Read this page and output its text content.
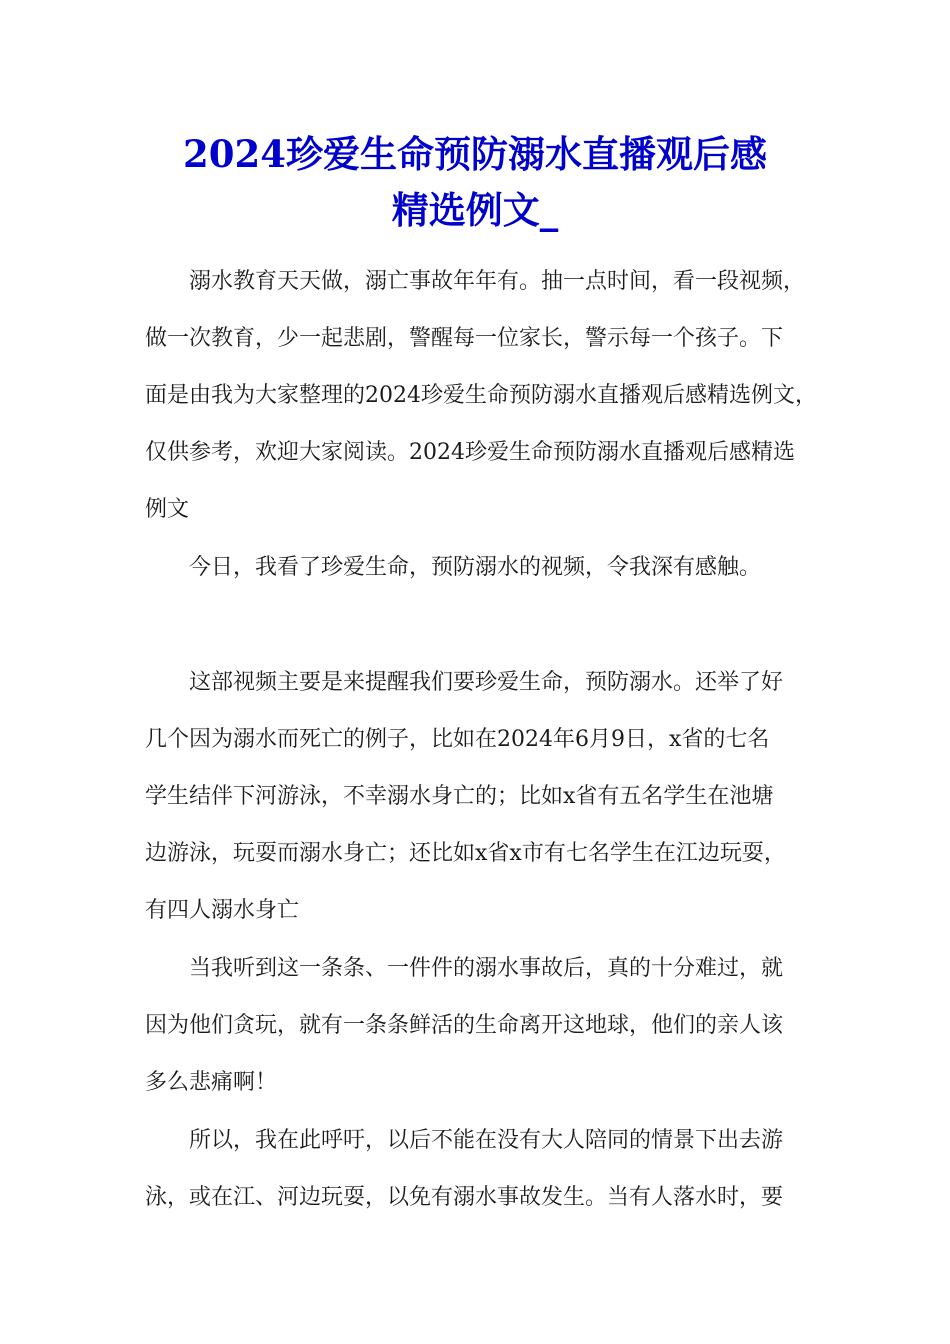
2024珍爱生命预防溺水直播观后感
精选例文_
溺水教育天天做，溺亡事故年年有。抽一点时间，看一段视频，
做一次教育，少一起悲剧，警醒每一位家长，警示每一个孩子。下
面是由我为大家整理的2024珍爱生命预防溺水直播观后感精选例文，
仅供参考，欢迎大家阅读。2024珍爱生命预防溺水直播观后感精选
例文
今日，我看了珍爱生命，预防溺水的视频，令我深有感触。
这部视频主要是来提醒我们要珍爱生命，预防溺水。还举了好
几个因为溺水而死亡的例子，比如在2024年6月9日，x省的七名
学生结伴下河游泳，不幸溺水身亡的；比如x省有五名学生在池塘
边游泳，玩耍而溺水身亡；还比如x省x市有七名学生在江边玩耍，
有四人溺水身亡
当我听到这一条条、一件件的溺水事故后，真的十分难过，就
因为他们贪玩，就有一条条鲜活的生命离开这地球，他们的亲人该
多么悲痛啊！
所以，我在此呼吁，以后不能在没有大人陪同的情景下出去游
泳，或在江、河边玩耍，以免有溺水事故发生。当有人落水时，要
